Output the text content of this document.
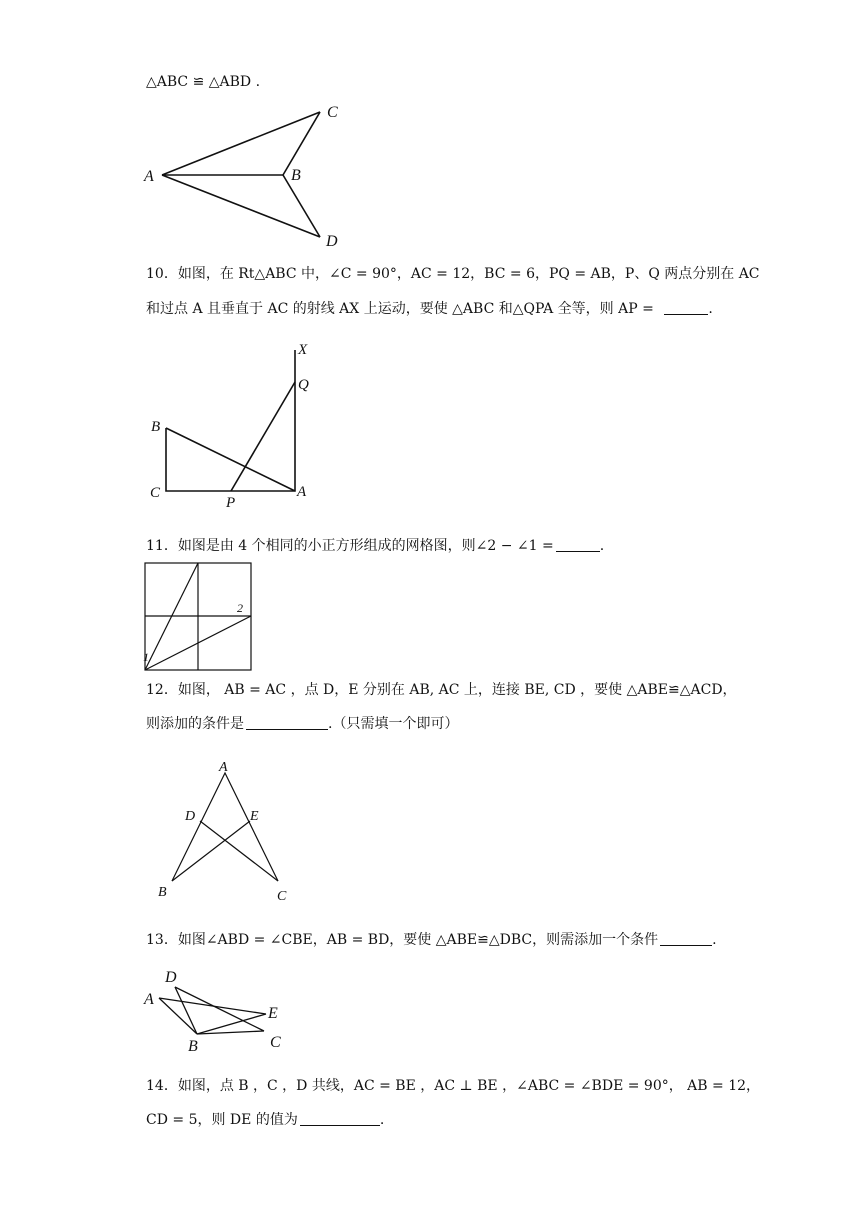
△ABC ≌ △ABD .
A
C
B
D
10．如图，在 Rt△ABC 中，∠C = 90°，AC = 12，BC = 6，PQ = AB，P、Q 两点分别在 AC
和过点 A 且垂直于 AC 的射线 AX 上运动，要使 △ABC 和△QPA 全等，则 AP =	.
X
Q
B
C
P
A
11．如图是由 4 个相同的小正方形组成的网格图，则∠2 − ∠1 =	.
1
2
12．如图， AB = AC ，点 D，E 分别在 AB, AC 上，连接 BE, CD ，要使 △ABE≌△ACD，
则添加的条件是	.（只需填一个即可）
A
D	E
B	C
13．如图∠ABD = ∠CBE，AB = BD，要使 △ABE≌△DBC，则需添加一个条件	.
D
A
E
B	C
14．如图，点 B ，C ，D 共线，AC = BE ，AC ⊥ BE ，∠ABC = ∠BDE = 90°， AB = 12，
CD = 5，则 DE 的值为	.
